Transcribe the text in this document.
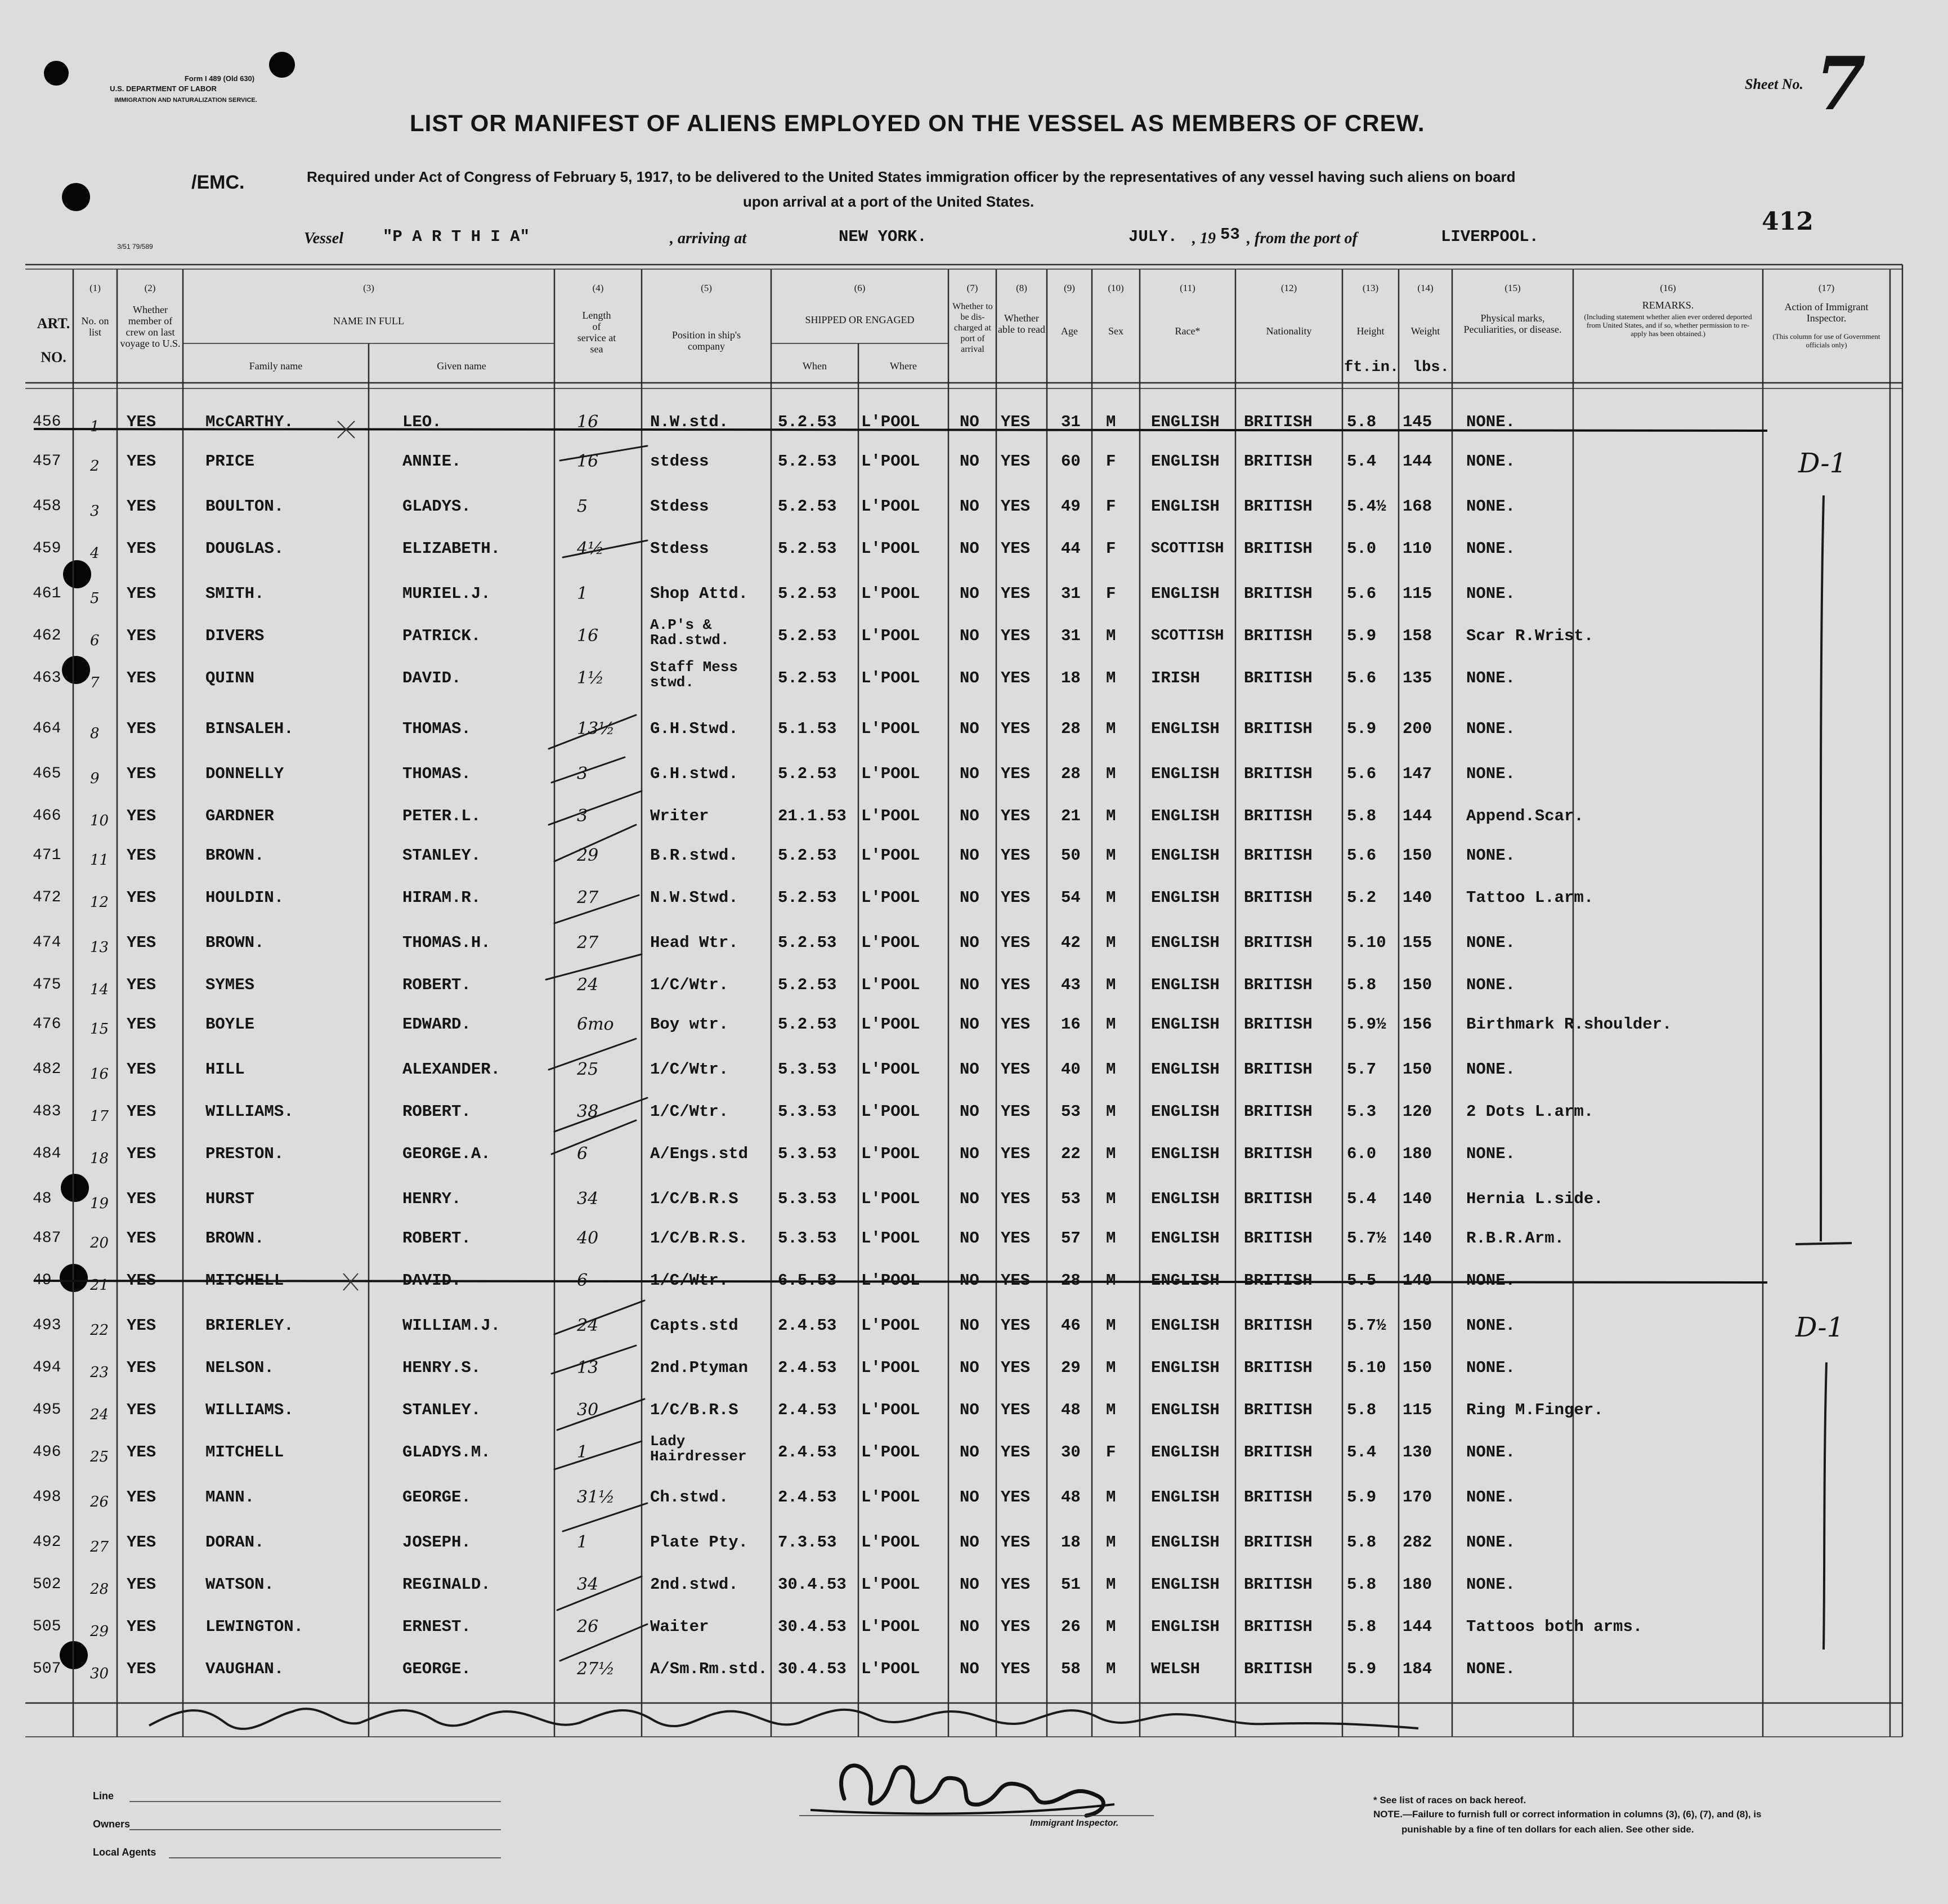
Form I 489 (Old 630)
U.S. DEPARTMENT OF LABOR
IMMIGRATION AND NATURALIZATION SERVICE.
3/51 79/589
Sheet No. 7
412
/EMC.
LIST OR MANIFEST OF ALIENS EMPLOYED ON THE VESSEL AS MEMBERS OF CREW.
Required under Act of Congress of February 5, 1917, to be delivered to the United States immigration officer by the representatives of any vessel having such aliens on board
upon arrival at a port of the United States.
Vessel "P A R T H I A"	, arriving at	NEW YORK.	JULY. , 19 53 , from the port of	LIVERPOOL.
ART.
NO.
(1)
No. on list
(2)
Whether member of crew on last voyage to U.S.
(3)
NAME IN FULL
Family name	Given name
(4)
Length of service at sea
(5)
Position in ship's company
(6)
SHIPPED OR ENGAGED
When	Where
(7)
Whether to be dis-charged at port of arrival
(8)
Whether able to read
(9)
Age
(10)
Sex
(11)
Race*
(12)
Nationality
(13)
Height
ft.in.
(14)
Weight
lbs.
(15)
Physical marks, Peculiarities, or disease.
(16)
REMARKS.
(Including statement whether alien ever ordered deported from United States, and if so, whether permission to re-apply has been obtained.)
(17)
Action of Immigrant Inspector.
(This column for use of Government officials only)
456 1 YES	McCARTHY.	LEO.	16	N.W.std.	5.2.53 L'POOL NO YES 31 M ENGLISH BRITISH 5.8 145 NONE.
457 2 YES	PRICE	ANNIE.	16	stdess	5.2.53 L'POOL NO YES 60 F ENGLISH BRITISH 5.4 144 NONE.
458 3 YES	BOULTON.	GLADYS.	5	Stdess	5.2.53 L'POOL NO YES 49 F ENGLISH BRITISH 5.4½ 168 NONE.
459 4 YES	DOUGLAS.	ELIZABETH.	4½	Stdess	5.2.53 L'POOL NO YES 44 F SCOTTISH BRITISH 5.0 110 NONE.
461 5 YES	SMITH.	MURIEL.J.	1	Shop Attd. 5.2.53 L'POOL NO YES 31 F ENGLISH BRITISH 5.6 115 NONE.
462 6 YES	DIVERS	PATRICK.	16
A.P's & Rad.stwd.	5.2.53 L'POOL NO YES 31 M SCOTTISH BRITISH 5.9 158 Scar R.Wrist.
463 7 YES	QUINN	DAVID.	1½
Staff Mess stwd.	5.2.53 L'POOL NO YES 18 M IRISH	BRITISH 5.6 135 NONE.
464 8 YES	BINSALEH.	THOMAS.	13½ G.H.Stwd. 5.1.53 L'POOL NO YES 28 M ENGLISH BRITISH 5.9 200 NONE.
465 9 YES	DONNELLY	THOMAS.	3	G.H.stwd. 5.2.53 L'POOL NO YES 28 M ENGLISH BRITISH 5.6 147 NONE.
466 10 YES	GARDNER	PETER.L.	3	Writer	21.1.53 L'POOL NO YES 21 M ENGLISH BRITISH 5.8 144 Append.Scar.
471 11 YES	BROWN.	STANLEY.	29	B.R.stwd. 5.2.53 L'POOL NO YES 50 M ENGLISH BRITISH 5.6 150 NONE.
472 12 YES	HOULDIN.	HIRAM.R.	27	N.W.Stwd. 5.2.53 L'POOL NO YES 54 M ENGLISH BRITISH 5.2 140 Tattoo L.arm.
474 13 YES	BROWN.	THOMAS.H.	27	Head Wtr. 5.2.53 L'POOL NO YES 42 M ENGLISH BRITISH 5.10 155 NONE.
475 14 YES	SYMES	ROBERT.	24	1/C/Wtr.	5.2.53 L'POOL NO YES 43 M ENGLISH BRITISH 5.8 150 NONE.
476 15 YES	BOYLE	EDWARD.	6mo Boy wtr.	5.2.53 L'POOL NO YES 16 M ENGLISH BRITISH 5.9½ 156 Birthmark R.shoulder.
482 16 YES	HILL	ALEXANDER.	25	1/C/Wtr.	5.3.53 L'POOL NO YES 40 M ENGLISH BRITISH 5.7 150 NONE.
483 17 YES	WILLIAMS.	ROBERT.	38	1/C/Wtr.	5.3.53 L'POOL NO YES 53 M ENGLISH BRITISH 5.3 120 2 Dots L.arm.
484 18 YES	PRESTON.	GEORGE.A.	6	A/Engs.std 5.3.53 L'POOL NO YES 22 M ENGLISH BRITISH 6.0 180 NONE.
48	19 YES	HURST	HENRY.	34	1/C/B.R.S 5.3.53 L'POOL NO YES 53 M ENGLISH BRITISH 5.4 140 Hernia L.side.
487 20 YES	BROWN.	ROBERT.	40	1/C/B.R.S. 5.3.53 L'POOL NO YES 57 M ENGLISH BRITISH 5.7½ 140 R.B.R.Arm.
49	21 YES	MITCHELL	DAVID.	6	1/C/Wtr.	6.5.53 L'POOL NO YES 28 M ENGLISH BRITISH 5.5 140 NONE.
493 22 YES	BRIERLEY.	WILLIAM.J.	24	Capts.std 2.4.53 L'POOL NO YES 46 M ENGLISH BRITISH 5.7½ 150 NONE.
494 23 YES	NELSON.	HENRY.S.	13	2nd.Ptyman 2.4.53 L'POOL NO YES 29 M ENGLISH BRITISH 5.10 150 NONE.
495 24 YES	WILLIAMS.	STANLEY.	30	1/C/B.R.S 2.4.53 L'POOL NO YES 48 M ENGLISH BRITISH 5.8 115 Ring M.Finger.
496 25 YES	MITCHELL	GLADYS.M.	1
Lady Hairdresser	2.4.53 L'POOL NO YES 30 F ENGLISH BRITISH 5.4 130 NONE.
498 26 YES	MANN.	GEORGE.	31½ Ch.stwd.	2.4.53 L'POOL NO YES 48 M ENGLISH BRITISH 5.9 170 NONE.
492 27 YES	DORAN.	JOSEPH.	1	Plate Pty. 7.3.53 L'POOL NO YES 18 M ENGLISH BRITISH 5.8 282 NONE.
502 28 YES	WATSON.	REGINALD.	34	2nd.stwd. 30.4.53 L'POOL NO YES 51 M ENGLISH BRITISH 5.8 180 NONE.
505 29 YES	LEWINGTON.	ERNEST.	26	Waiter	30.4.53 L'POOL NO YES 26 M ENGLISH BRITISH 5.8 144 Tattoos both arms.
507 30 YES	VAUGHAN.	GEORGE.	27½ A/Sm.Rm.std. 30.4.53 L'POOL NO YES 58 M WELSH	BRITISH 5.9 184 NONE.
D-1
D-1
Line
Owners
Local Agents
Immigrant Inspector.
* See list of races on back hereof.
NOTE.—Failure to furnish full or correct information in columns (3), (6), (7), and (8), is
punishable by a fine of ten dollars for each alien. See other side.
